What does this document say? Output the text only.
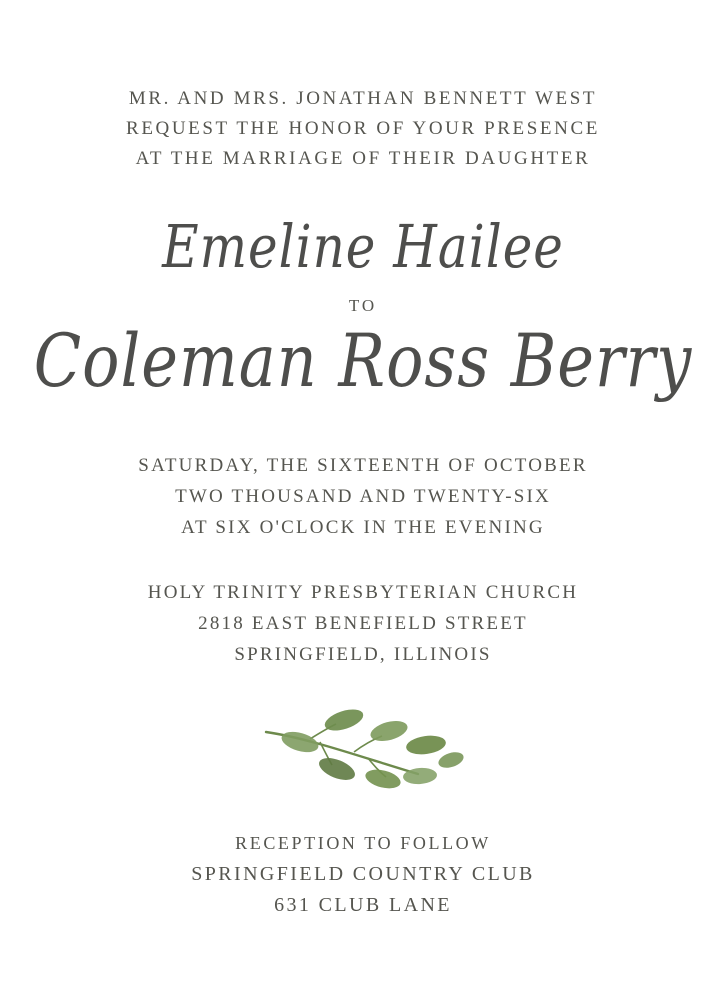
MR. AND MRS. JONATHAN BENNETT WEST
REQUEST THE HONOR OF YOUR PRESENCE
AT THE MARRIAGE OF THEIR DAUGHTER
Emeline Hailee
TO
Coleman Ross Berry
SATURDAY, THE SIXTEENTH OF OCTOBER
TWO THOUSAND AND TWENTY-SIX
AT SIX O'CLOCK IN THE EVENING
HOLY TRINITY PRESBYTERIAN CHURCH
2818 EAST BENEFIELD STREET
SPRINGFIELD, ILLINOIS
RECEPTION TO FOLLOW
SPRINGFIELD COUNTRY CLUB
631 CLUB LANE
